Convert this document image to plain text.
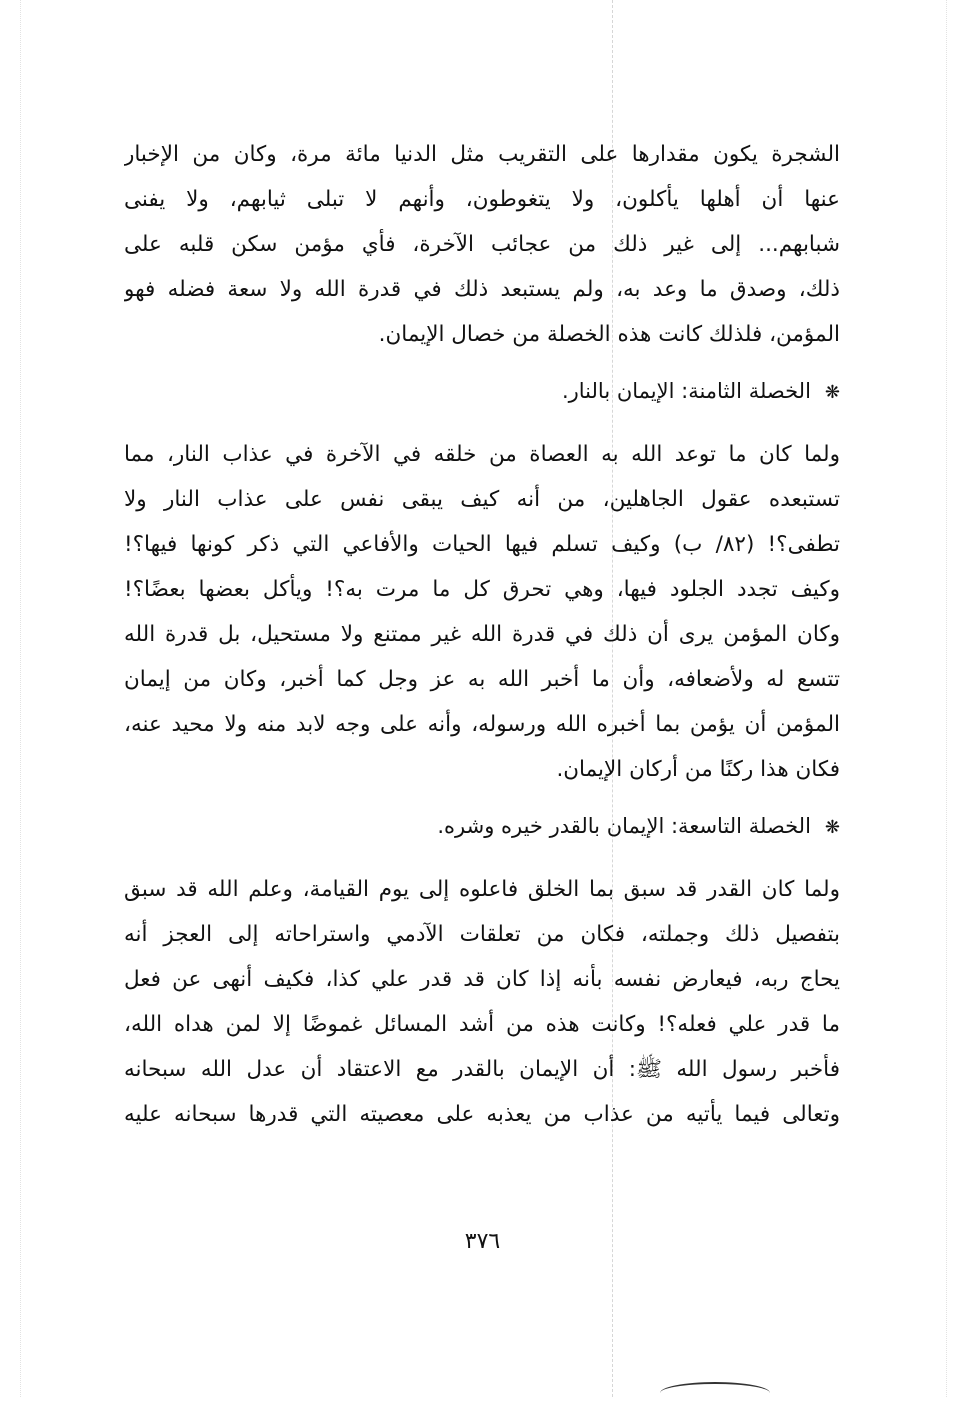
الشجرة يكون مقدارها على التقريب مثل الدنيا مائة مرة، وكان من الإخبار
عنها أن أهلها يأكلون، ولا يتغوطون، وأنهم لا تبلى ثيابهم، ولا يفنى
شبابهم... إلى غير ذلك من عجائب الآخرة، فأي مؤمن سكن قلبه على
ذلك، وصدق ما وعد به، ولم يستبعد ذلك في قدرة الله ولا سعة فضله فهو
المؤمن، فلذلك كانت هذه الخصلة من خصال الإيمان.
❋الخصلة الثامنة: الإيمان بالنار.
ولما كان ما توعد الله به العصاة من خلقه في الآخرة في عذاب النار، مما
تستبعده عقول الجاهلين، من أنه كيف يبقى نفس على عذاب النار ولا
تطفى؟! (٨٢/ ب) وكيف تسلم فيها الحيات والأفاعي التي ذكر كونها فيها؟!
وكيف تجدد الجلود فيها، وهي تحرق كل ما مرت به؟! ويأكل بعضها بعضًا؟!
وكان المؤمن يرى أن ذلك في قدرة الله غير ممتنع ولا مستحيل، بل قدرة الله
تتسع له ولأضعافه، وأن ما أخبر الله به عز وجل كما أخبر، وكان من إيمان
المؤمن أن يؤمن بما أخبره الله ورسوله، وأنه على وجه لابد منه ولا محيد عنه،
فكان هذا ركنًا من أركان الإيمان.
❋الخصلة التاسعة: الإيمان بالقدر خيره وشره.
ولما كان القدر قد سبق بما الخلق فاعلوه إلى يوم القيامة، وعلم الله قد سبق
بتفصيل ذلك وجملته، فكان من تعلقات الآدمي واستراحاته إلى العجز أنه
يحاج ربه، فيعارض نفسه بأنه إذا كان قد قدر علي كذا، فكيف أنهى عن فعل
ما قدر علي فعله؟! وكانت هذه من أشد المسائل غموضًا إلا لمن هداه الله،
فأخبر رسول الله ﷺ: أن الإيمان بالقدر مع الاعتقاد أن عدل الله سبحانه
وتعالى فيما يأتيه من عذاب من يعذبه على معصيته التي قدرها سبحانه عليه
٣٧٦
